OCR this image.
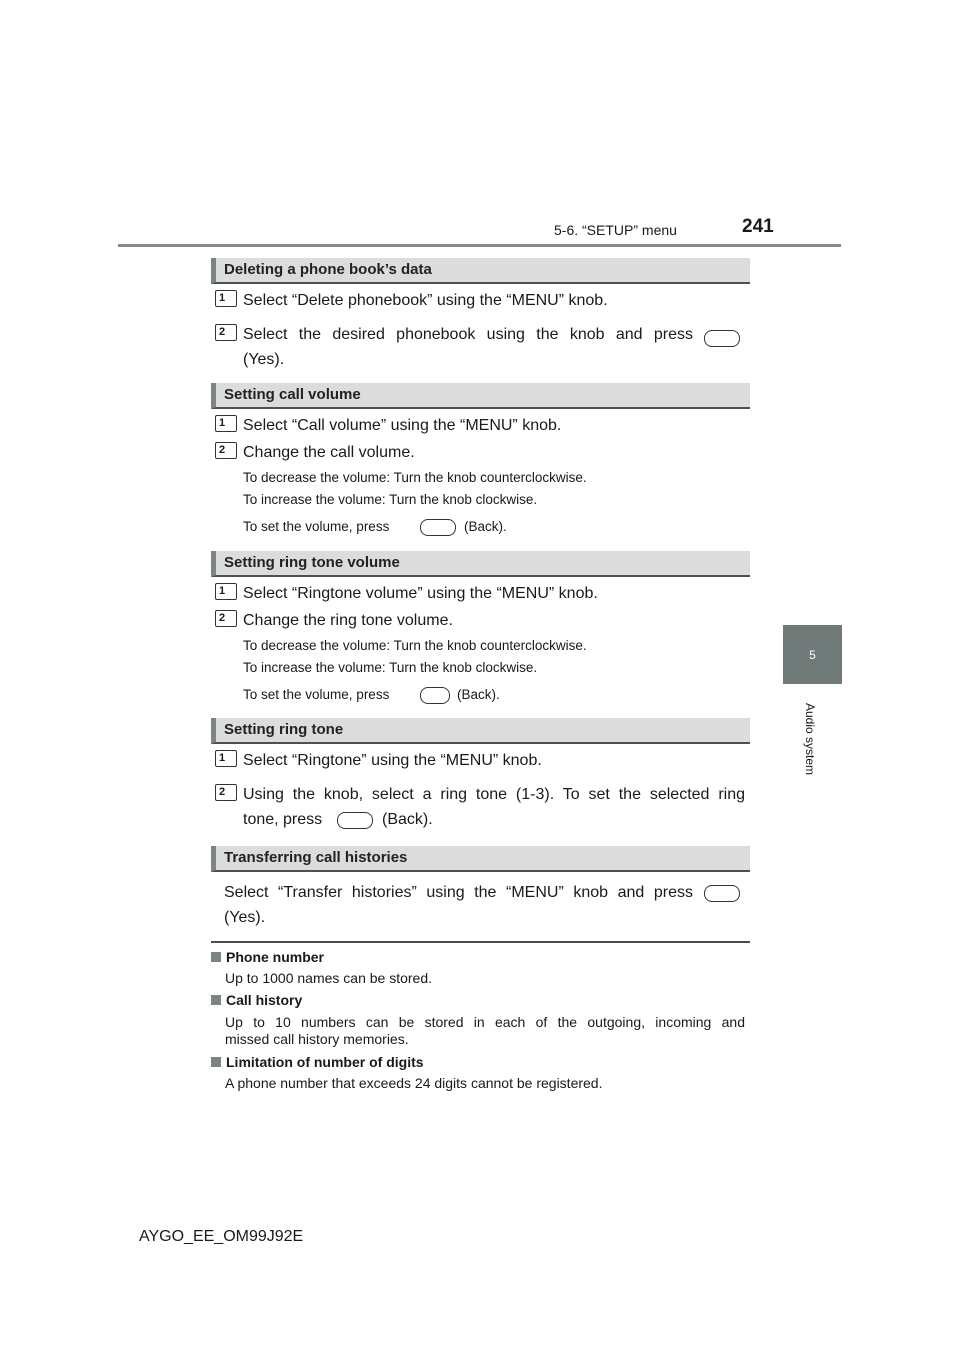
5-6. “SETUP” menu	241
5
Audio system
Deleting a phone book’s data
1	Select “Delete phonebook” using the “MENU” knob.
2	Select the desired phonebook using the knob and press
(Yes).
Setting call volume
1	Select “Call volume” using the “MENU” knob.
2	Change the call volume.
To decrease the volume: Turn the knob counterclockwise.
To increase the volume: Turn the knob clockwise.
To set the volume, press	(Back).
Setting ring tone volume
1	Select “Ringtone volume” using the “MENU” knob.
2	Change the ring tone volume.
To decrease the volume: Turn the knob counterclockwise.
To increase the volume: Turn the knob clockwise.
To set the volume, press	(Back).
Setting ring tone
1	Select “Ringtone” using the “MENU” knob.
2	Using the knob, select a ring tone (1-3). To set the selected ring
tone, press	(Back).
Transferring call histories
Select “Transfer histories” using the “MENU” knob and press
(Yes).
Phone number
Up to 1000 names can be stored.
Call history
Up to 10 numbers can be stored in each of the outgoing, incoming and
missed call history memories.
Limitation of number of digits
A phone number that exceeds 24 digits cannot be registered.
AYGO_EE_OM99J92E
